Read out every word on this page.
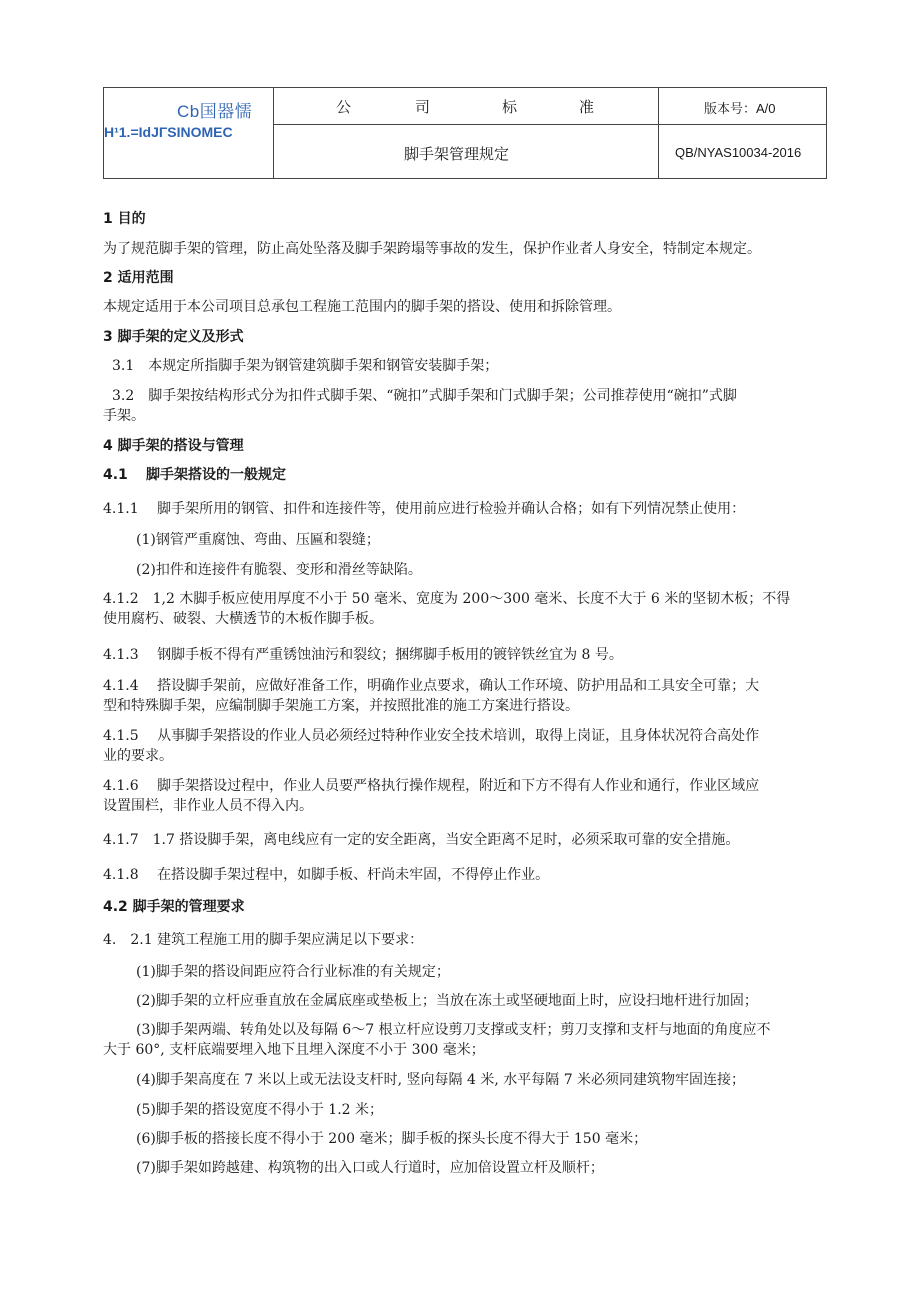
Cb国器懦
H¹1.=IdJΓSINOMEC
公	司	标	准	版本号：A/0
脚手架管理规定	QB/NYAS10034-2016
1 目的
为了规范脚手架的管理，防止高处坠落及脚手架跨塌等事故的发生，保护作业者人身安全，特制定本规定。
2 适用范围
本规定适用于本公司项目总承包工程施工范围内的脚手架的搭设、使用和拆除管理。
3 脚手架的定义及形式
3.1　本规定所指脚手架为钢管建筑脚手架和钢管安装脚手架；
3.2　脚手架按结构形式分为扣件式脚手架、“碗扣”式脚手架和门式脚手架；公司推荐使用“碗扣”式脚
手架。
4 脚手架的搭设与管理
4.1 脚手架搭设的一般规定
4.1.1　 脚手架所用的钢管、扣件和连接件等，使用前应进行检验并确认合格；如有下列情况禁止使用：
(1)钢管严重腐蚀、弯曲、压匾和裂缝；
(2)扣件和连接件有脆裂、变形和滑丝等缺陷。
4.1.2　1,2 木脚手板应使用厚度不小于 50 毫米、宽度为 200～300 毫米、长度不大于 6 米的坚韧木板；不得
使用腐朽、破裂、大横透节的木板作脚手板。
4.1.3　 钢脚手板不得有严重锈蚀油污和裂纹；捆绑脚手板用的镀锌铁丝宜为 8 号。
4.1.4　 搭设脚手架前，应做好准备工作，明确作业点要求，确认工作环境、防护用品和工具安全可靠；大
型和特殊脚手架，应编制脚手架施工方案，并按照批准的施工方案进行搭设。
4.1.5　 从事脚手架搭设的作业人员必须经过特种作业安全技术培训，取得上岗证，且身体状况符合高处作
业的要求。
4.1.6　 脚手架搭设过程中，作业人员要严格执行操作规程，附近和下方不得有人作业和通行，作业区域应
设置围栏，非作业人员不得入内。
4.1.7　1.7 搭设脚手架，离电线应有一定的安全距离，当安全距离不足时，必须采取可靠的安全措施。
4.1.8　 在搭设脚手架过程中，如脚手板、杆尚未牢固，不得停止作业。
4.2 脚手架的管理要求
4.　2.1 建筑工程施工用的脚手架应满足以下要求：
(1)脚手架的搭设间距应符合行业标准的有关规定；
(2)脚手架的立杆应垂直放在金属底座或垫板上；当放在冻土或坚硬地面上时，应设扫地杆进行加固；
(3)脚手架两端、转角处以及每隔 6～7 根立杆应设剪刀支撑或支杆；剪刀支撑和支杆与地面的角度应不
大于 60°, 支杆底端要埋入地下且埋入深度不小于 300 毫米；
(4)脚手架高度在 7 米以上或无法设支杆时, 竖向每隔 4 米, 水平每隔 7 米必须同建筑物牢固连接；
(5)脚手架的搭设宽度不得小于 1.2 米；
(6)脚手板的搭接长度不得小于 200 毫米；脚手板的探头长度不得大于 150 毫米；
(7)脚手架如跨越建、构筑物的出入口或人行道时，应加倍设置立杆及顺杆；
